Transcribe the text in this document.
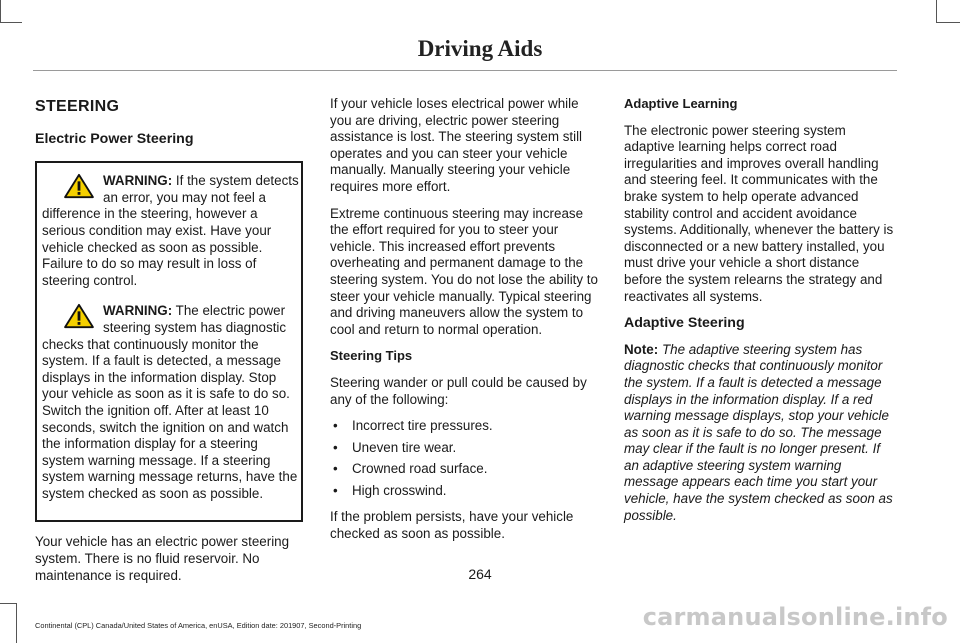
Driving Aids
STEERING
Electric Power Steering

WARNING: If the system detects an error, you may not feel a difference in the steering, however a serious condition may exist. Have your vehicle checked as soon as possible. Failure to do so may result in loss of steering control.

WARNING: The electric power steering system has diagnostic checks that continuously monitor the system. If a fault is detected, a message displays in the information display. Stop your vehicle as soon as it is safe to do so. Switch the ignition off. After at least 10 seconds, switch the ignition on and watch the information display for a steering system warning message. If a steering system warning message returns, have the system checked as soon as possible.

Your vehicle has an electric power steering system. There is no fluid reservoir. No maintenance is required.

If your vehicle loses electrical power while you are driving, electric power steering assistance is lost. The steering system still operates and you can steer your vehicle manually. Manually steering your vehicle requires more effort.

Extreme continuous steering may increase the effort required for you to steer your vehicle. This increased effort prevents overheating and permanent damage to the steering system. You do not lose the ability to steer your vehicle manually. Typical steering and driving maneuvers allow the system to cool and return to normal operation.

Steering Tips

Steering wander or pull could be caused by any of the following:

• Incorrect tire pressures.
• Uneven tire wear.
• Crowned road surface.
• High crosswind.

If the problem persists, have your vehicle checked as soon as possible.

Adaptive Learning

The electronic power steering system adaptive learning helps correct road irregularities and improves overall handling and steering feel. It communicates with the brake system to help operate advanced stability control and accident avoidance systems. Additionally, whenever the battery is disconnected or a new battery installed, you must drive your vehicle a short distance before the system relearns the strategy and reactivates all systems.

Adaptive Steering

Note: The adaptive steering system has diagnostic checks that continuously monitor the system. If a fault is detected a message displays in the information display. If a red warning message displays, stop your vehicle as soon as it is safe to do so. The message may clear if the fault is no longer present. If an adaptive steering system warning message appears each time you start your vehicle, have the system checked as soon as possible.

264
Continental (CPL) Canada/United States of America, enUSA, Edition date: 201907, Second-Printing	carmanualsonline.info
